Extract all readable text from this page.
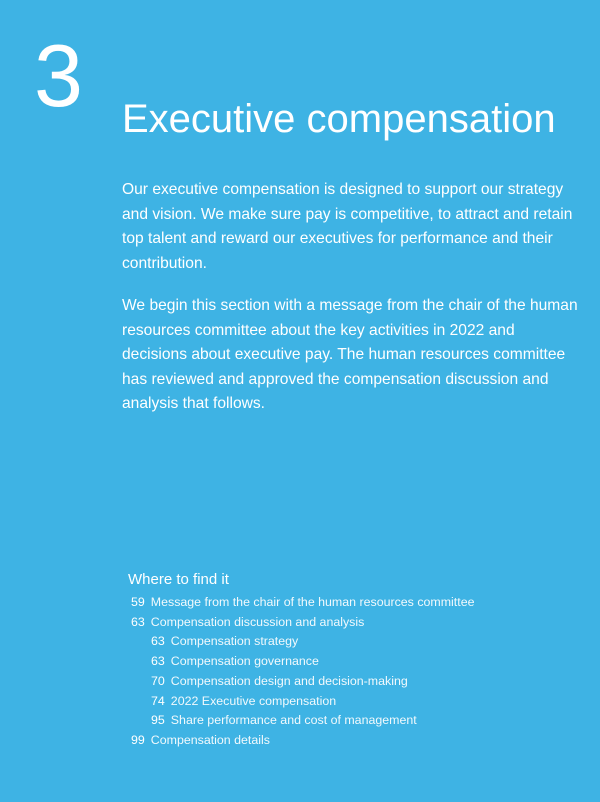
3 Executive compensation

Our executive compensation is designed to support our strategy and vision. We make sure pay is competitive, to attract and retain top talent and reward our executives for performance and their contribution.

We begin this section with a message from the chair of the human resources committee about the key activities in 2022 and decisions about executive pay. The human resources committee has reviewed and approved the compensation discussion and analysis that follows.

Where to find it
59 Message from the chair of the human resources committee
63 Compensation discussion and analysis
63 Compensation strategy
63 Compensation governance
70 Compensation design and decision-making
74 2022 Executive compensation
95 Share performance and cost of management
99 Compensation details
